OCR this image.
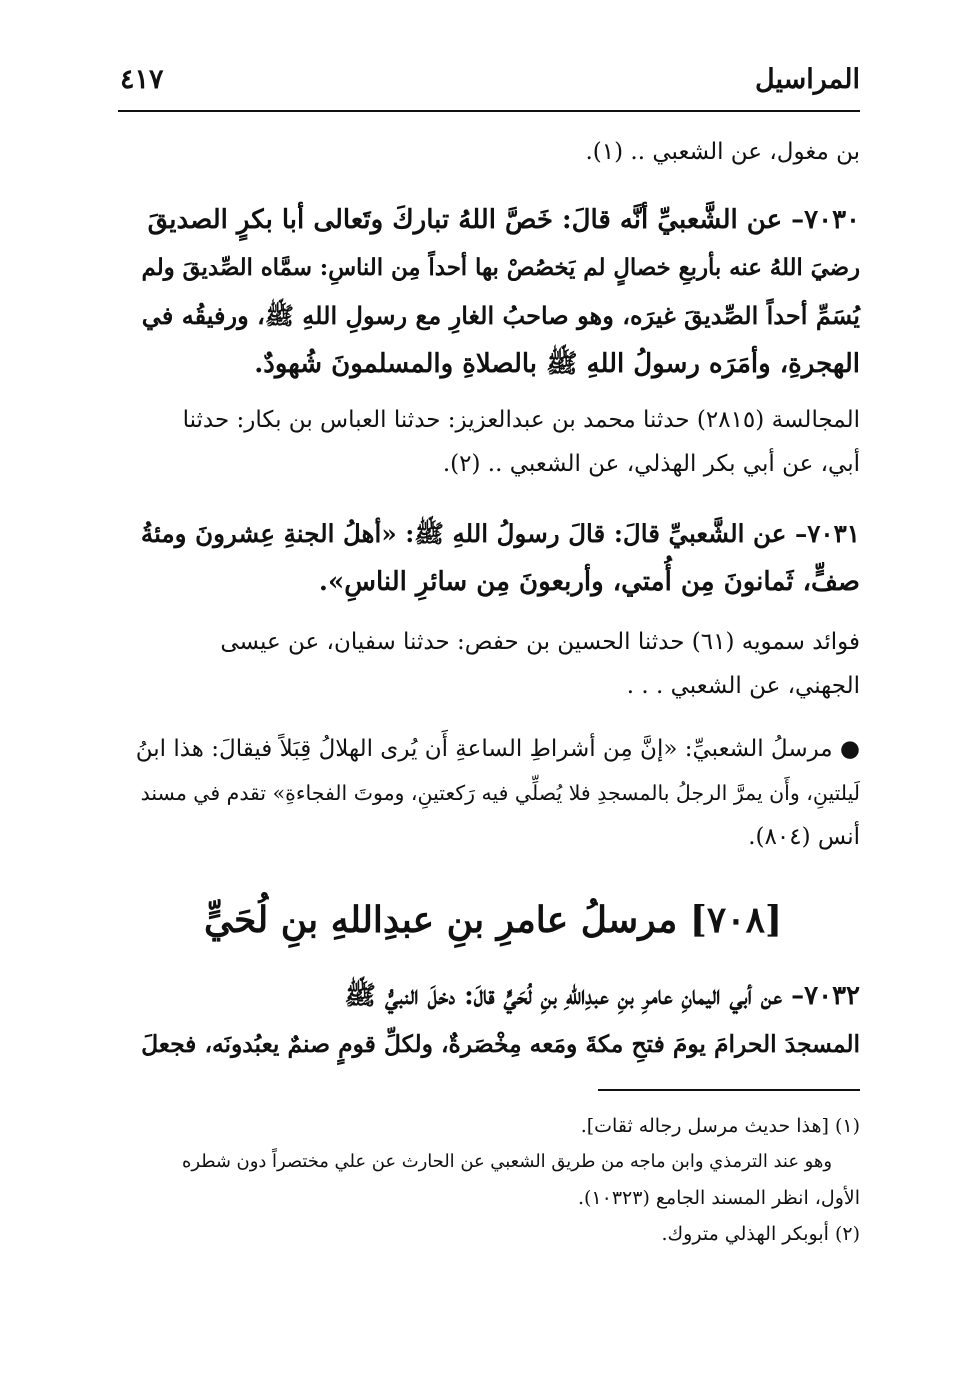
المراسيل
٤١٧
بن مغول، عن الشعبي .. (١).
٧٠٣٠– عن الشَّعبيِّ أنَّه قالَ: خَصَّ اللهُ تباركَ وتَعالى أبا بكرٍ الصديقَ
رضيَ اللهُ عنه بأربعِ خصالٍ لم يَخصُصْ بها أحداً مِن الناسِ: سمَّاه الصِّديقَ ولم
يُسَمِّ أحداً الصِّديقَ غيرَه، وهو صاحبُ الغارِ مع رسولِ اللهِ ﷺ، ورفيقُه في
الهجرةِ، وأمَرَه رسولُ اللهِ ﷺ بالصلاةِ والمسلمونَ شُهودٌ.
المجالسة (٢٨١٥) حدثنا محمد بن عبدالعزيز: حدثنا العباس بن بكار: حدثنا
أبي، عن أبي بكر الهذلي، عن الشعبي .. (٢).
٧٠٣١– عن الشَّعبيِّ قالَ: قالَ رسولُ اللهِ ﷺ: «أهلُ الجنةِ عِشرونَ ومئةُ
صفٍّ، ثَمانونَ مِن أُمتي، وأربعونَ مِن سائرِ الناسِ».
فوائد سمويه (٦١) حدثنا الحسين بن حفص: حدثنا سفيان، عن عيسى
الجهني، عن الشعبي . . .
● مرسلُ الشعبيِّ: «إنَّ مِن أشراطِ الساعةِ أَن يُرى الهلالُ قِبَلاً فيقالَ: هذا ابنُ
لَيلتينِ، وأَن يمرَّ الرجلُ بالمسجدِ فلا يُصلِّي فيه رَكعتينِ، وموتَ الفجاءةِ» تقدم في مسند
أنس (٨٠٤).
[٧٠٨] مرسلُ عامرِ بنِ عبدِاللهِ بنِ لُحَيٍّ
٧٠٣٢– عن أبي اليمانِ عامرِ بنِ عبدِاللهِ بنِ لُحَيٍّ قالَ: دخلَ النبيُّ ﷺ
المسجدَ الحرامَ يومَ فتحِ مكةَ ومَعه مِخْصَرةٌ، ولكلِّ قومٍ صنمٌ يعبُدونَه، فجعلَ
(١) [هذا حديث مرسل رجاله ثقات].
وهو عند الترمذي وابن ماجه من طريق الشعبي عن الحارث عن علي مختصراً دون شطره
الأول، انظر المسند الجامع (١٠٣٢٣).
(٢) أبوبكر الهذلي متروك.
